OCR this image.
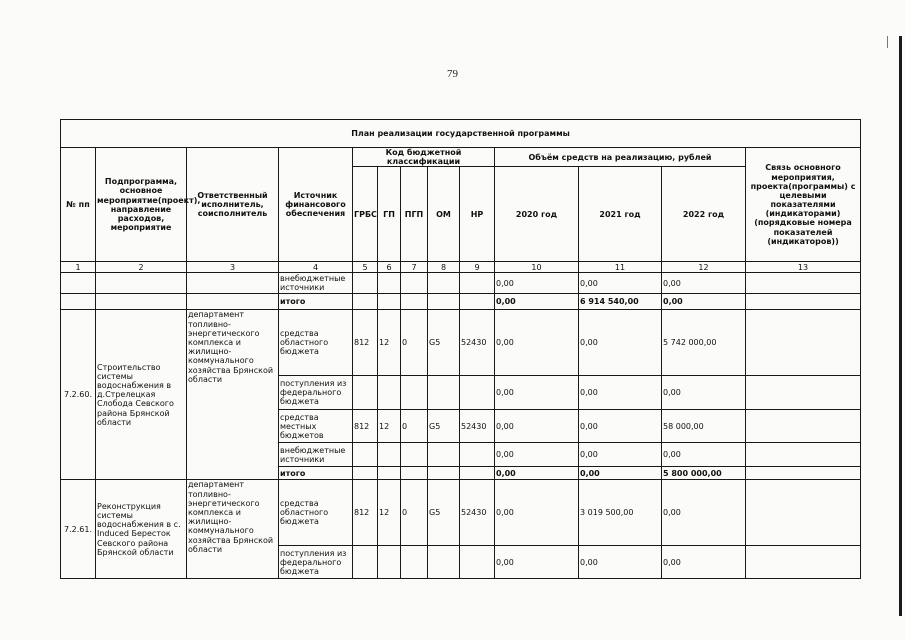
79
План реализации государственной программы												
№ пп	Подпрограмма, основное мероприятие(проект), направление расходов, мероприятие	Ответственный исполнитель, соисполнитель	Источник финансового обеспечения	Код бюджетной классификации					Объём средств на реализацию, рублей			Связь основного мероприятия, проекта(программы) с целевыми показателями (индикаторами) (порядковые номера показателей (индикаторов))
				ГРБС	ГП	ПГП	ОМ	НР	2020 год	2021 год	2022 год	
1	2	3	4	5	6	7	8	9	10	11	12	13
			внебюджетные источники						0,00	0,00	0,00	
			итого						0,00	6 914 540,00	0,00	
7.2.60.	Строительство системы водоснабжения в д.Стрелецкая Слобода Севского района Брянской области	департамент топливно-энергетического комплекса и жилищно-коммунального хозяйства Брянской области	средства областного бюджета	812	12	0	G5	52430	0,00	0,00	5 742 000,00	
			поступления из федерального бюджета						0,00	0,00	0,00	
			средства местных бюджетов	812	12	0	G5	52430	0,00	0,00	58 000,00	
			внебюджетные источники						0,00	0,00	0,00	
			итого						0,00	0,00	5 800 000,00	
7.2.61.	Реконструкция системы водоснабжения в с. Induced Бересток Севского района Брянской области	департамент топливно-энергетического комплекса и жилищно-коммунального хозяйства Брянской области	средства областного бюджета	812	12	0	G5	52430	0,00	3 019 500,00	0,00	
			поступления из федерального бюджета						0,00	0,00	0,00	
